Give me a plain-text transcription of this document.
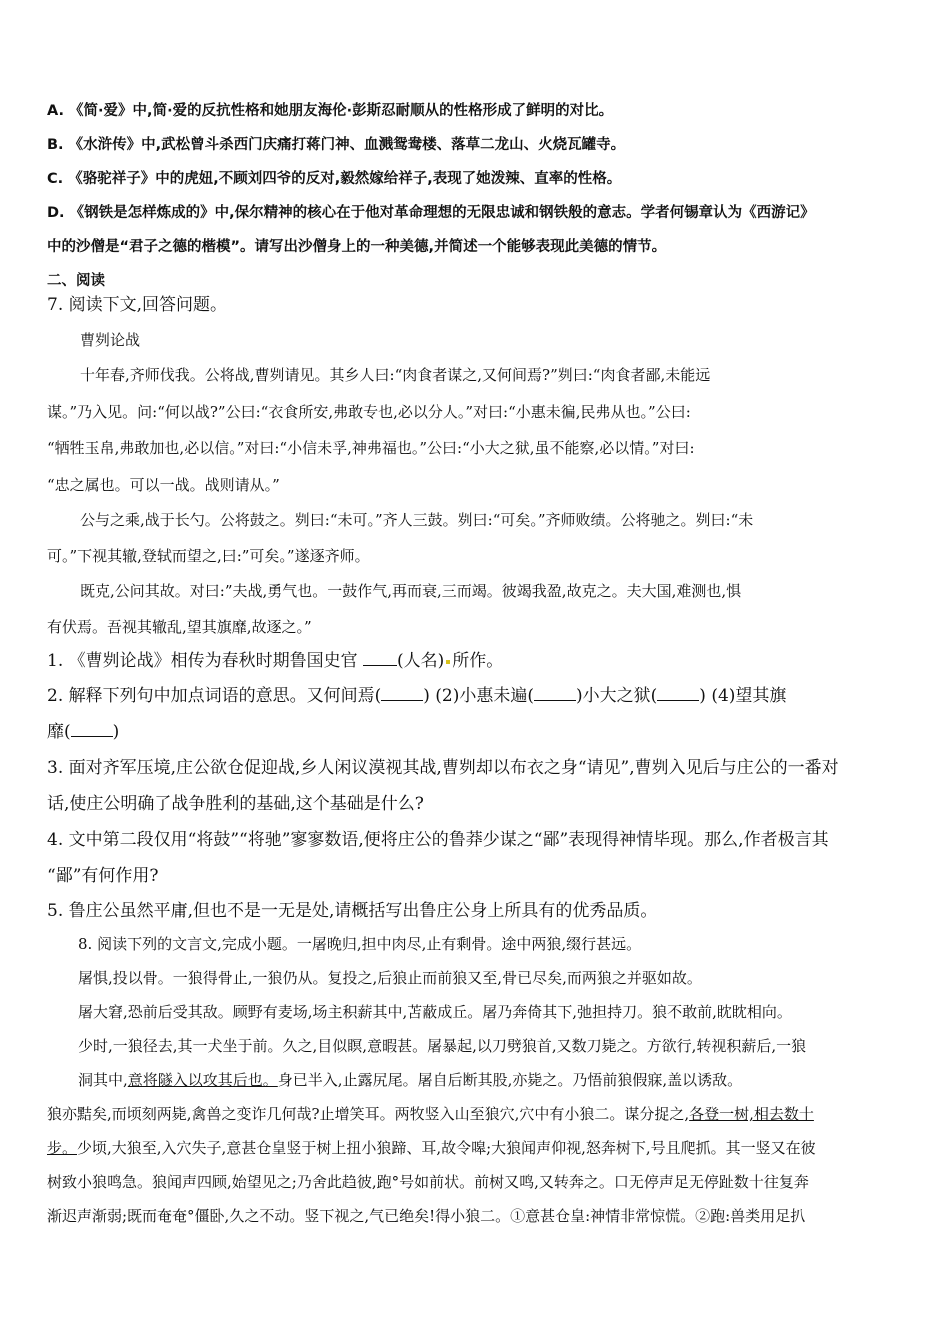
A. 《简·爱》中,简·爱的反抗性格和她朋友海伦·彭斯忍耐顺从的性格形成了鲜明的对比。
B. 《水浒传》中,武松曾斗杀西门庆痛打蒋门神、血溅鸳鸯楼、落草二龙山、火烧瓦罐寺。
C. 《骆驼祥子》中的虎妞,不顾刘四爷的反对,毅然嫁给祥子,表现了她泼辣、直率的性格。
D. 《钢铁是怎样炼成的》中,保尔精神的核心在于他对革命理想的无限忠诚和钢铁般的意志。学者何锡章认为《西游记》
中的沙僧是“君子之德的楷模”。请写出沙僧身上的一种美德,并简述一个能够表现此美德的情节。
二、阅读
7. 阅读下文,回答问题。
曹刿论战
十年春,齐师伐我。公将战,曹刿请见。其乡人曰:“肉食者谋之,又何间焉?”刿曰:“肉食者鄙,未能远
谋。”乃入见。问:“何以战?”公曰:“衣食所安,弗敢专也,必以分人。”对曰:“小惠未徧,民弗从也。”公曰:
“牺牲玉帛,弗敢加也,必以信。”对曰:“小信未孚,神弗福也。”公曰:“小大之狱,虽不能察,必以情。”对曰:
“忠之属也。可以一战。战则请从。”
公与之乘,战于长勺。公将鼓之。刿曰:“未可。”齐人三鼓。刿曰:“可矣。”齐师败绩。公将驰之。刿曰:“未
可。”下视其辙,登轼而望之,曰:”可矣。”遂逐齐师。
既克,公问其故。对曰:”夫战,勇气也。一鼓作气,再而衰,三而竭。彼竭我盈,故克之。夫大国,难测也,惧
有伏焉。吾视其辙乱,望其旗靡,故逐之。”
1. 《曹刿论战》相传为春秋时期鲁国史官 (人名) 所作。
2. 解释下列句中加点词语的意思。又何间焉( ) (2)小惠未遍( )小大之狱( ) (4)望其旗
靡( )
3. 面对齐军压境,庄公欲仓促迎战,乡人闲议漠视其战,曹刿却以布衣之身“请见”,曹刿入见后与庄公的一番对
话,使庄公明确了战争胜利的基础,这个基础是什么?
4. 文中第二段仅用“将鼓”“将驰”寥寥数语,便将庄公的鲁莽少谋之“鄙”表现得神情毕现。那么,作者极言其
“鄙”有何作用?
5. 鲁庄公虽然平庸,但也不是一无是处,请概括写出鲁庄公身上所具有的优秀品质。
8. 阅读下列的文言文,完成小题。一屠晚归,担中肉尽,止有剩骨。途中两狼,缀行甚远。
屠惧,投以骨。一狼得骨止,一狼仍从。复投之,后狼止而前狼又至,骨已尽矣,而两狼之并驱如故。
屠大窘,恐前后受其敌。顾野有麦场,场主积薪其中,苫蔽成丘。屠乃奔倚其下,弛担持刀。狼不敢前,眈眈相向。
少时,一狼径去,其一犬坐于前。久之,目似瞑,意暇甚。屠暴起,以刀劈狼首,又数刀毙之。方欲行,转视积薪后,一狼
洞其中,意将隧入以攻其后也。身已半入,止露尻尾。屠自后断其股,亦毙之。乃悟前狼假寐,盖以诱敌。
狼亦黠矣,而顷刻两毙,禽兽之变诈几何哉?止增笑耳。两牧竖入山至狼穴,穴中有小狼二。谋分捉之,各登一树,相去数十
步。少顷,大狼至,入穴失子,意甚仓皇竖于树上扭小狼蹄、耳,故令嗥;大狼闻声仰视,怒奔树下,号且爬抓。其一竖又在彼
树致小狼鸣急。狼闻声四顾,始望见之;乃舍此趋彼,跑°号如前状。前树又鸣,又转奔之。口无停声足无停趾数十往复奔
渐迟声渐弱;既而奄奄°僵卧,久之不动。竖下视之,气已绝矣!得小狼二。①意甚仓皇:神情非常惊慌。②跑:兽类用足扒
